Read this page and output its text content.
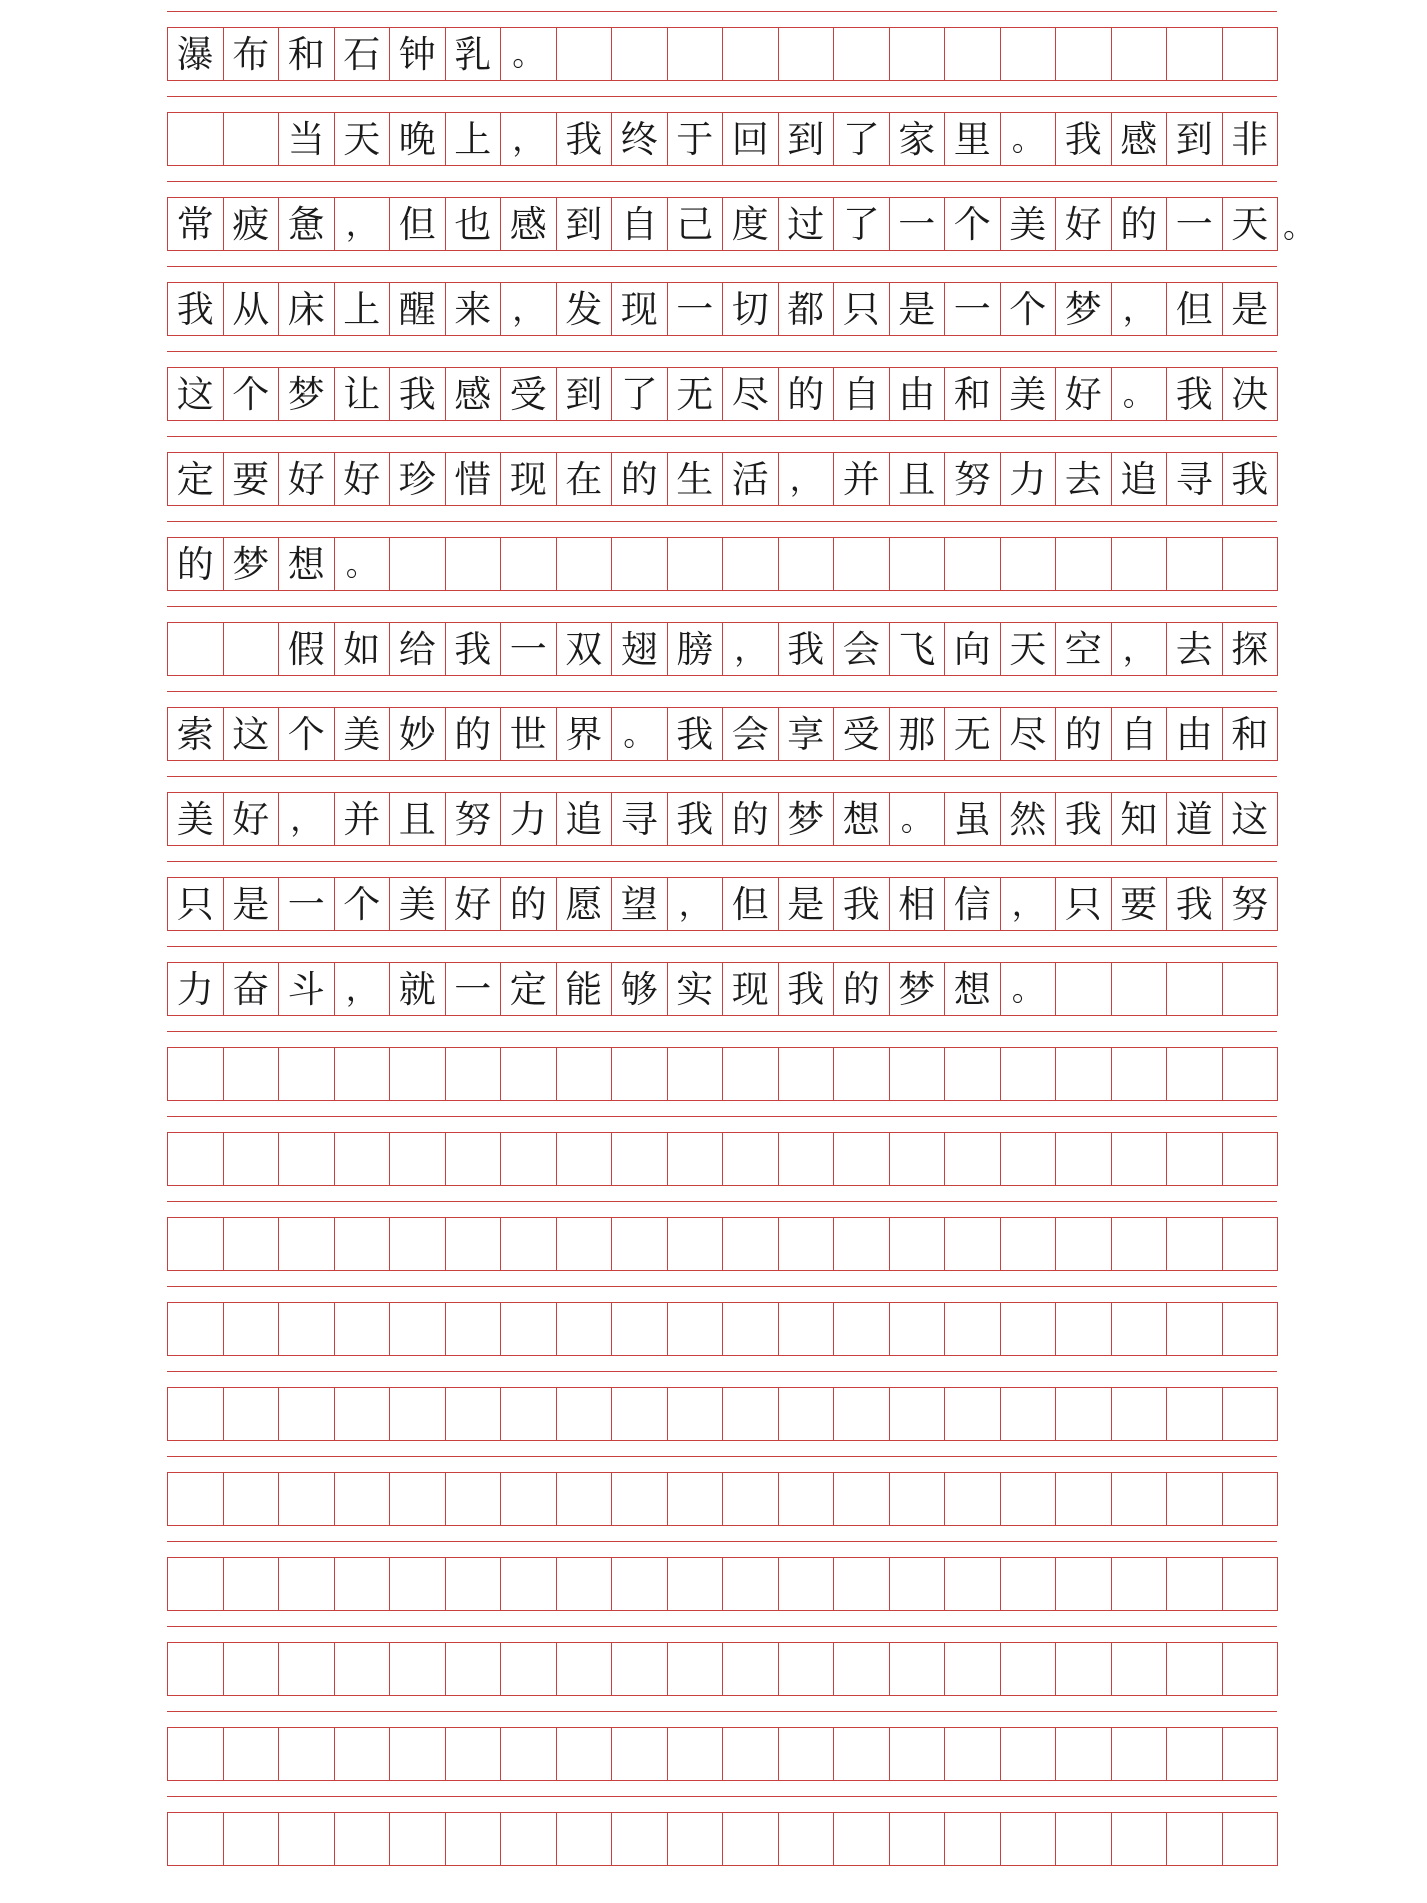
瀑 布 和 石 钟 乳 。
当 天 晚 上 ， 我 终 于 回 到 了 家 里 。 我 感 到 非
常 疲 惫 ， 但 也 感 到 自 己 度 过 了 一 个 美 好 的 一 天
我 从 床 上 醒 来 ， 发 现 一 切 都 只 是 一 个 梦 ， 但 是
这 个 梦 让 我 感 受 到 了 无 尽 的 自 由 和 美 好 。 我 决
定 要 好 好 珍 惜 现 在 的 生 活 ， 并 且 努 力 去 追 寻 我
的 梦 想 。
假 如 给 我 一 双 翅 膀 ， 我 会 飞 向 天 空 ， 去 探
索 这 个 美 妙 的 世 界 。 我 会 享 受 那 无 尽 的 自 由 和
美 好 ， 并 且 努 力 追 寻 我 的 梦 想 。 虽 然 我 知 道 这
只 是 一 个 美 好 的 愿 望 ， 但 是 我 相 信 ， 只 要 我 努
力 奋 斗 ， 就 一 定 能 够 实 现 我 的 梦 想 。
。
